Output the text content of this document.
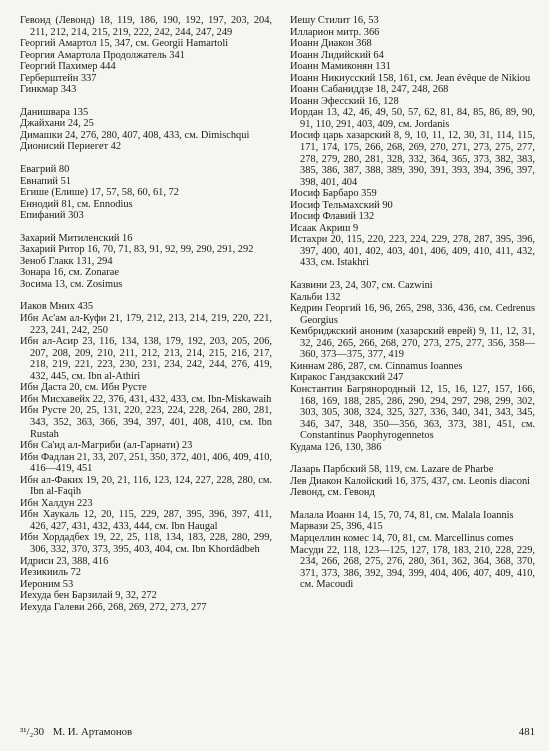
Гевонд (Левонд) 18, 119, 186, 190, 192, 197, 203, 204, 211, 212, 214, 215, 219, 222, 242, 244, 247, 249

Георгий Амартол 15, 347, см. Georgii Hamartoli

Георгия Амартола Продолжатель 341

Георгий Пахимер 444

Герберштейн 337

Гинкмар 343

Данишвара 135

Джайхани 24, 25

Димашки 24, 276, 280, 407, 408, 433, см. Dimischqui

Дионисий Периегет 42

Евагрий 80

Евнапий 51

Егише (Елише) 17, 57, 58, 60, 61, 72

Еннодий 81, см. Ennodius

Епифаний 303

Захарий Митиленский 16

Захарий Ритор 16, 70, 71, 83, 91, 92, 99, 290, 291, 292

Зеноб Глакк 131, 294

Зонара 16, см. Zonarae

Зосима 13, см. Zosimus

Иаков Мних 435

Ибн Ас'ам ал-Куфи 21, 179, 212, 213, 214, 219, 220, 221, 223, 241, 242, 250

Ибн ал-Асир 23, 116, 134, 138, 179, 192, 203, 205, 206, 207, 208, 209, 210, 211, 212, 213, 214, 215, 216, 217, 218, 219, 221, 223, 230, 231, 234, 242, 244, 276, 419, 432, 445, см. Ibn al-Athiri

Ибн Даста 20, см. Ибн Русте

Ибн Мисхавейх 22, 376, 431, 432, 433, см. Ibn-Miskawaih

Ибн Русте 20, 25, 131, 220, 223, 224, 228, 264, 280, 281, 343, 352, 363, 366, 394, 397, 401, 408, 410, см. Ibn Rustah

Ибн Са'ид ал-Магриби (ал-Гарнати) 23

Ибн Фадлан 21, 33, 207, 251, 350, 372, 401, 406, 409, 410, 416—419, 451

Ибн ал-Факих 19, 20, 21, 116, 123, 124, 227, 228, 280, см. Ibn al-Faqih

Ибн Халдун 223

Ибн Хаукаль 12, 20, 115, 229, 287, 395, 396, 397, 411, 426, 427, 431, 432, 433, 444, см. Ibn Haugal

Ибн Хордадбех 19, 22, 25, 118, 134, 183, 228, 280, 299, 306, 332, 370, 373, 395, 403, 404, см. Ibn Khordâdbeh

Идриси 23, 388, 416

Иезикииль 72

Иероним 53

Иехуда бен Барзилай 9, 32, 272

Иехуда Галеви 266, 268, 269, 272, 273, 277

Иешу Стилит 16, 53

Илларион митр. 366

Иоанн Диакон 368

Иоанн Лидийский 64

Иоанн Мамиконян 131

Иоанн Никиусский 158, 161, см. Jean évêque de Nikiou

Иоанн Сабаниддзе 18, 247, 248, 268

Иоанн Эфесский 16, 128

Иордан 13, 42, 46, 49, 50, 57, 62, 81, 84, 85, 86, 89, 90, 91, 110, 291, 403, 409, см. Jordanis

Иосиф царь хазарский 8, 9, 10, 11, 12, 30, 31, 114, 115, 171, 174, 175, 266, 268, 269, 270, 271, 273, 275, 277, 278, 279, 280, 281, 328, 332, 364, 365, 373, 382, 383, 385, 386, 387, 388, 389, 390, 391, 393, 394, 396, 397, 398, 401, 404

Иосиф Барбаро 359

Иосиф Тельмахский 90

Иосиф Флавий 132

Исаак Акриш 9

Истахри 20, 115, 220, 223, 224, 229, 278, 287, 395, 396, 397, 400, 401, 402, 403, 401, 406, 409, 410, 411, 432, 433, см. Istakhri

Казвини 23, 24, 307, см. Cazwini

Кальби 132

Кедрин Георгий 16, 96, 265, 298, 336, 436, см. Cedrenus Georgius

Кембриджский аноним (хазарский еврей) 9, 11, 12, 31, 32, 246, 265, 266, 268, 270, 273, 275, 277, 356, 358—360, 373—375, 377, 419

Киннам 286, 287, см. Cinnamus Ioannes

Киракос Гандзакский 247

Константин Багрянородный 12, 15, 16, 127, 157, 166, 168, 169, 188, 285, 286, 290, 294, 297, 298, 299, 302, 303, 305, 308, 324, 325, 327, 336, 340, 341, 343, 345, 346, 347, 348, 350—356, 363, 373, 381, 451, см. Constantinus Paophyrogennetos

Кудама 126, 130, 386

Лазарь Парбский 58, 119, см. Lazare de Pharbe

Лев Диакон Калойский 16, 375, 437, см. Leonis diaconi

Левонд, см. Гевонд

Малала Иоанн 14, 15, 70, 74, 81, см. Malala Ioannis

Марвази 25, 396, 415

Марцеллин комес 14, 70, 81, см. Marcellinus comes

Масуди 22, 118, 123—125, 127, 178, 183, 210, 228, 229, 234, 266, 268, 275, 276, 280, 361, 362, 364, 368, 370, 371, 373, 386, 392, 394, 399, 404, 406, 407, 409, 410, см. Macoudi

³¹/₂30 М. И. Артамонов	481
